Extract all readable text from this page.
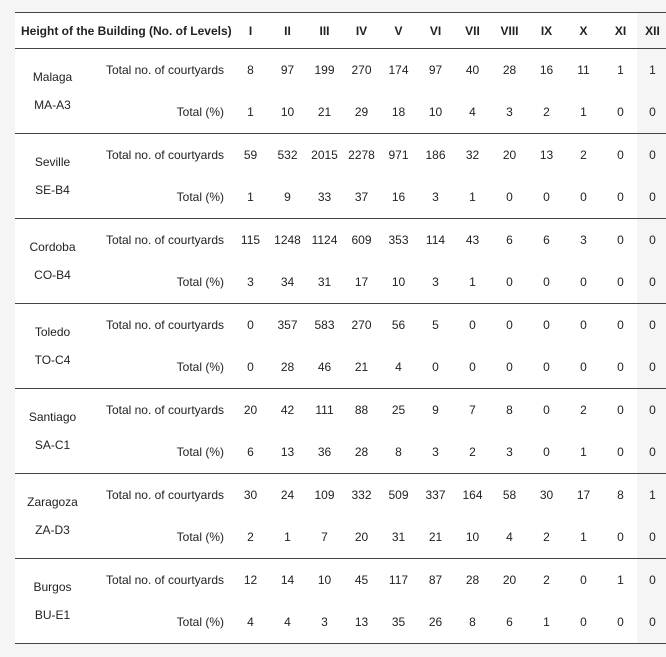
Height of the Building (No. of Levels)		I	II	III	IV	V	VI	VII	VIII	IX	X	XI	XII

Malaga
MA-A3	Total no. of courtyards	8	97	199	270	174	97	40	28	16	11	1	1
	Total (%)	1	10	21	29	18	10	4	3	2	1	0	0

Seville
SE-B4	Total no. of courtyards	59	532	2015	2278	971	186	32	20	13	2	0	0
	Total (%)	1	9	33	37	16	3	1	0	0	0	0	0

Cordoba
CO-B4	Total no. of courtyards	115	1248	1124	609	353	114	43	6	6	3	0	0
	Total (%)	3	34	31	17	10	3	1	0	0	0	0	0

Toledo
TO-C4	Total no. of courtyards	0	357	583	270	56	5	0	0	0	0	0	0
	Total (%)	0	28	46	21	4	0	0	0	0	0	0	0

Santiago
SA-C1	Total no. of courtyards	20	42	111	88	25	9	7	8	0	2	0	0
	Total (%)	6	13	36	28	8	3	2	3	0	1	0	0

Zaragoza
ZA-D3	Total no. of courtyards	30	24	109	332	509	337	164	58	30	17	8	1
	Total (%)	2	1	7	20	31	21	10	4	2	1	0	0

Burgos
BU-E1	Total no. of courtyards	12	14	10	45	117	87	28	20	2	0	1	0
	Total (%)	4	4	3	13	35	26	8	6	1	0	0	0
